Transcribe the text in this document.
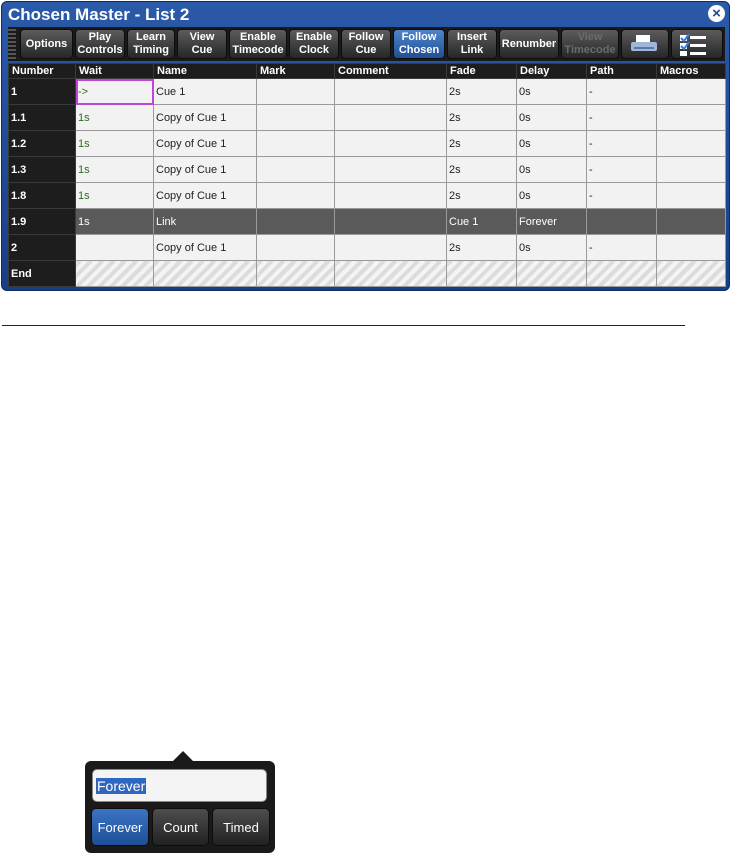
Chosen Master - List 2	×
Options
Play
Controls
Learn
Timing
View
Cue
Enable
Timecode
Enable
Clock
Follow
Cue
Follow
Chosen
Insert
Link
Renumber
View
Timecode
Number	Wait	Name	Mark	Comment	Fade	Delay	Path	Macros
1	->	Cue 1			2s	0s	-	
1.1	1s	Copy of Cue 1			2s	0s	-	
1.2	1s	Copy of Cue 1			2s	0s	-	
1.3	1s	Copy of Cue 1			2s	0s	-	
1.8	1s	Copy of Cue 1			2s	0s	-	
1.9	1s	Link			Cue 1	Forever		
2		Copy of Cue 1			2s	0s	-	
End								
Forever
Forever	Count	Timed
